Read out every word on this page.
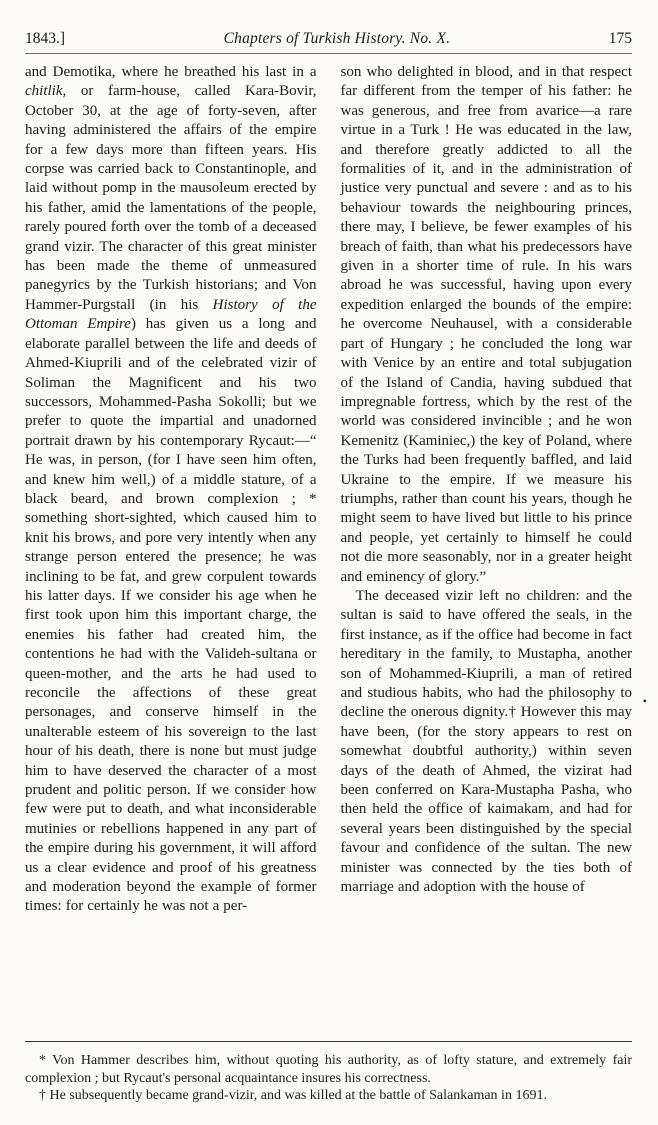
1843.]	Chapters of Turkish History. No. X.	175

and Demotika, where he breathed his last in a chitlik, or farm-house, called Kara-Bovir, October 30, at the age of forty-seven, after having administered the affairs of the empire for a few days more than fifteen years. His corpse was carried back to Constantinople, and laid without pomp in the mausoleum erected by his father, amid the lamentations of the people, rarely poured forth over the tomb of a deceased grand vizir. The character of this great minister has been made the theme of unmeasured panegyrics by the Turkish historians; and Von Hammer-Purgstall (in his History of the Ottoman Empire) has given us a long and elaborate parallel between the life and deeds of Ahmed-Kiuprili and of the celebrated vizir of Soliman the Magnificent and his two successors, Mohammed-Pasha Sokolli; but we prefer to quote the impartial and unadorned portrait drawn by his contemporary Rycaut:—“ He was, in person, (for I have seen him often, and knew him well,) of a middle stature, of a black beard, and brown complexion ; * something short-sighted, which caused him to knit his brows, and pore very intently when any strange person entered the presence; he was inclining to be fat, and grew corpulent towards his latter days. If we consider his age when he first took upon him this important charge, the enemies his father had created him, the contentions he had with the Valideh-sultana or queen-mother, and the arts he had used to reconcile the affections of these great personages, and conserve himself in the unalterable esteem of his sovereign to the last hour of his death, there is none but must judge him to have deserved the character of a most prudent and politic person. If we consider how few were put to death, and what inconsiderable mutinies or rebellions happened in any part of the empire during his government, it will afford us a clear evidence and proof of his greatness and moderation beyond the example of former times: for certainly he was not a per-

son who delighted in blood, and in that respect far different from the temper of his father: he was generous, and free from avarice—a rare virtue in a Turk ! He was educated in the law, and therefore greatly addicted to all the formalities of it, and in the administration of justice very punctual and severe : and as to his behaviour towards the neighbouring princes, there may, I believe, be fewer examples of his breach of faith, than what his predecessors have given in a shorter time of rule. In his wars abroad he was successful, having upon every expedition enlarged the bounds of the empire: he overcome Neuhausel, with a considerable part of Hungary ; he concluded the long war with Venice by an entire and total subjugation of the Island of Candia, having subdued that impregnable fortress, which by the rest of the world was considered invincible ; and he won Kemenitz (Kaminiec,) the key of Poland, where the Turks had been frequently baffled, and laid Ukraine to the empire. If we measure his triumphs, rather than count his years, though he might seem to have lived but little to his prince and people, yet certainly to himself he could not die more seasonably, nor in a greater height and eminency of glory.”

The deceased vizir left no children: and the sultan is said to have offered the seals, in the first instance, as if the office had become in fact hereditary in the family, to Mustapha, another son of Mohammed-Kiuprili, a man of retired and studious habits, who had the philosophy to decline the onerous dignity.† However this may have been, (for the story appears to rest on somewhat doubtful authority,) within seven days of the death of Ahmed, the vizirat had been conferred on Kara-Mustapha Pasha, who then held the office of kaimakam, and had for several years been distinguished by the special favour and confidence of the sultan. The new minister was connected by the ties both of marriage and adoption with the house of

•

* Von Hammer describes him, without quoting his authority, as of lofty stature, and extremely fair complexion ; but Rycaut's personal acquaintance insures his correctness.

† He subsequently became grand-vizir, and was killed at the battle of Salankaman in 1691.
